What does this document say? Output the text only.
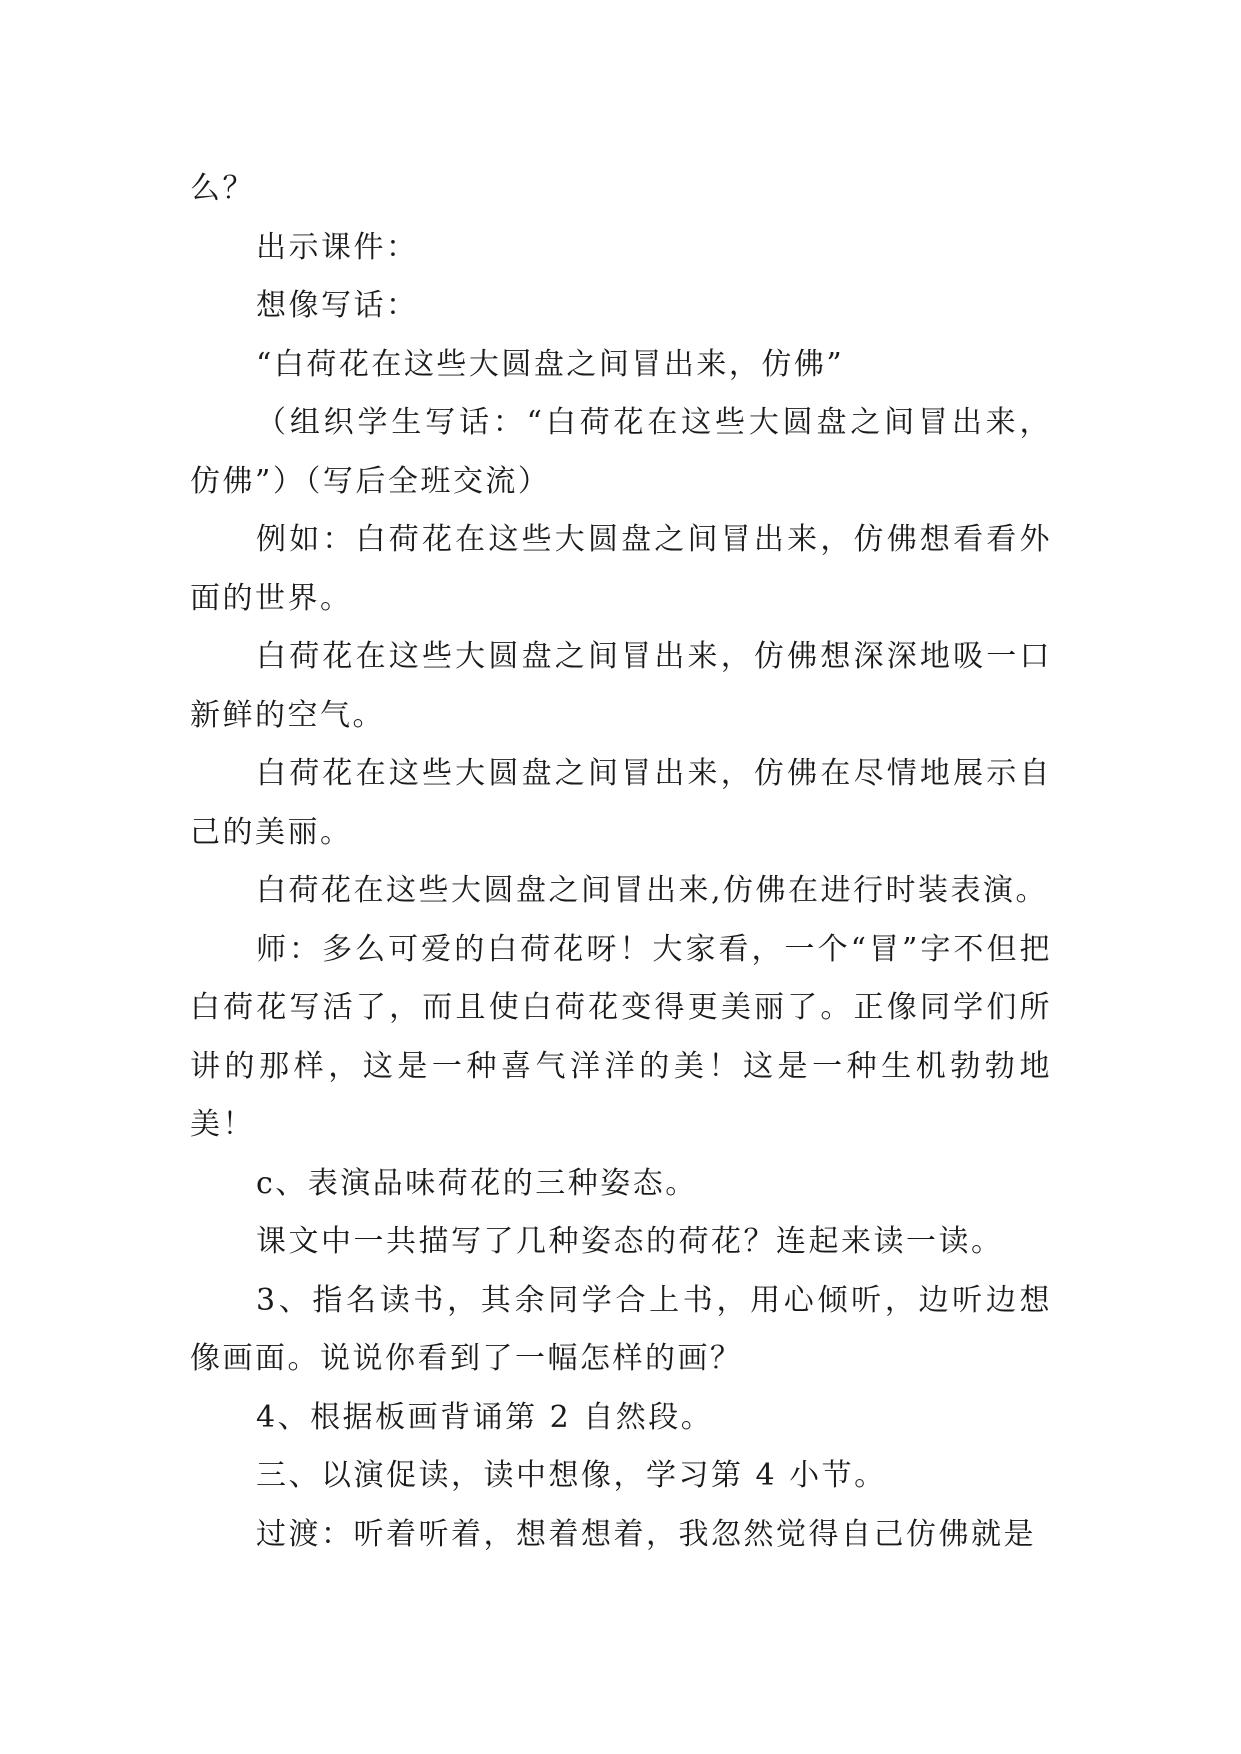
么？

出示课件：

想像写话：

“白荷花在这些大圆盘之间冒出来，仿佛”

（组织学生写话：“白荷花在这些大圆盘之间冒出来，仿佛”）（写后全班交流）

例如：白荷花在这些大圆盘之间冒出来，仿佛想看看外面的世界。

白荷花在这些大圆盘之间冒出来，仿佛想深深地吸一口新鲜的空气。

白荷花在这些大圆盘之间冒出来，仿佛在尽情地展示自己的美丽。

白荷花在这些大圆盘之间冒出来,仿佛在进行时装表演。

师：多么可爱的白荷花呀！大家看，一个“冒”字不但把白荷花写活了，而且使白荷花变得更美丽了。正像同学们所讲的那样，这是一种喜气洋洋的美！这是一种生机勃勃地美！

c、表演品味荷花的三种姿态。

课文中一共描写了几种姿态的荷花？连起来读一读。

3、指名读书，其余同学合上书，用心倾听，边听边想像画面。说说你看到了一幅怎样的画？

4、根据板画背诵第 2 自然段。

三、以演促读，读中想像，学习第 4 小节。

过渡：听着听着，想着想着，我忽然觉得自己仿佛就是
